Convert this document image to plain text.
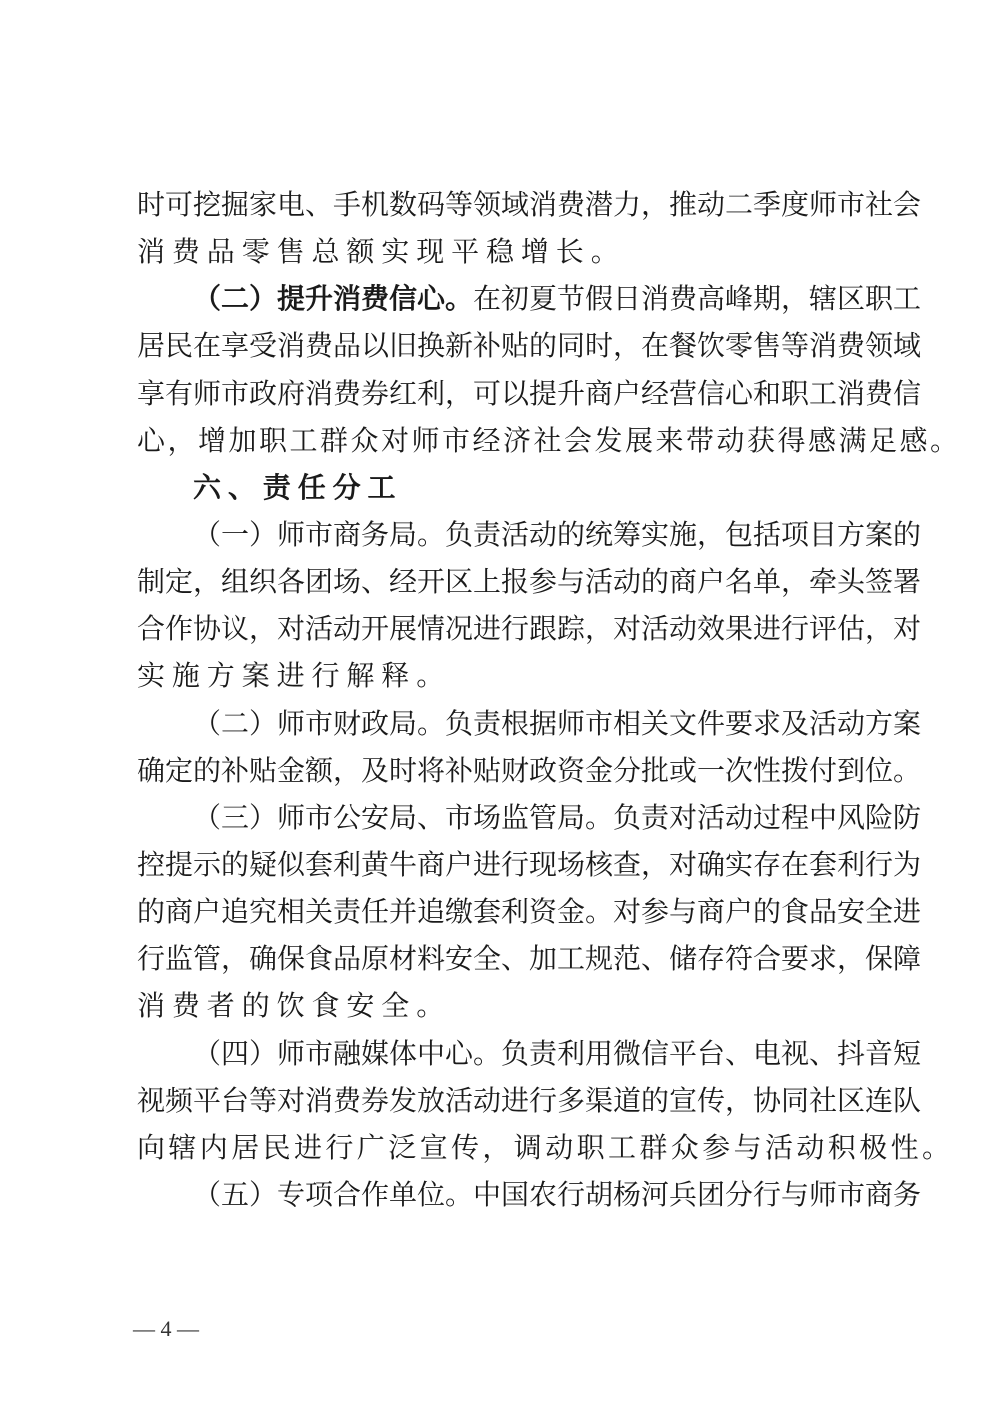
时可挖掘家电、手机数码等领域消费潜力，推动二季度师市社会
消费品零售总额实现平稳增长。
（二）提升消费信心。在初夏节假日消费高峰期，辖区职工
居民在享受消费品以旧换新补贴的同时，在餐饮零售等消费领域
享有师市政府消费券红利，可以提升商户经营信心和职工消费信
心，增加职工群众对师市经济社会发展来带动获得感满足感。
六、责任分工
（一）师市商务局。负责活动的统筹实施，包括项目方案的
制定，组织各团场、经开区上报参与活动的商户名单，牵头签署
合作协议，对活动开展情况进行跟踪，对活动效果进行评估，对
实施方案进行解释。
（二）师市财政局。负责根据师市相关文件要求及活动方案
确定的补贴金额，及时将补贴财政资金分批或一次性拨付到位。
（三）师市公安局、市场监管局。负责对活动过程中风险防
控提示的疑似套利黄牛商户进行现场核查，对确实存在套利行为
的商户追究相关责任并追缴套利资金。对参与商户的食品安全进
行监管，确保食品原材料安全、加工规范、储存符合要求，保障
消费者的饮食安全。
（四）师市融媒体中心。负责利用微信平台、电视、抖音短
视频平台等对消费券发放活动进行多渠道的宣传，协同社区连队
向辖内居民进行广泛宣传，调动职工群众参与活动积极性。
（五）专项合作单位。中国农行胡杨河兵团分行与师市商务
— 4 —
